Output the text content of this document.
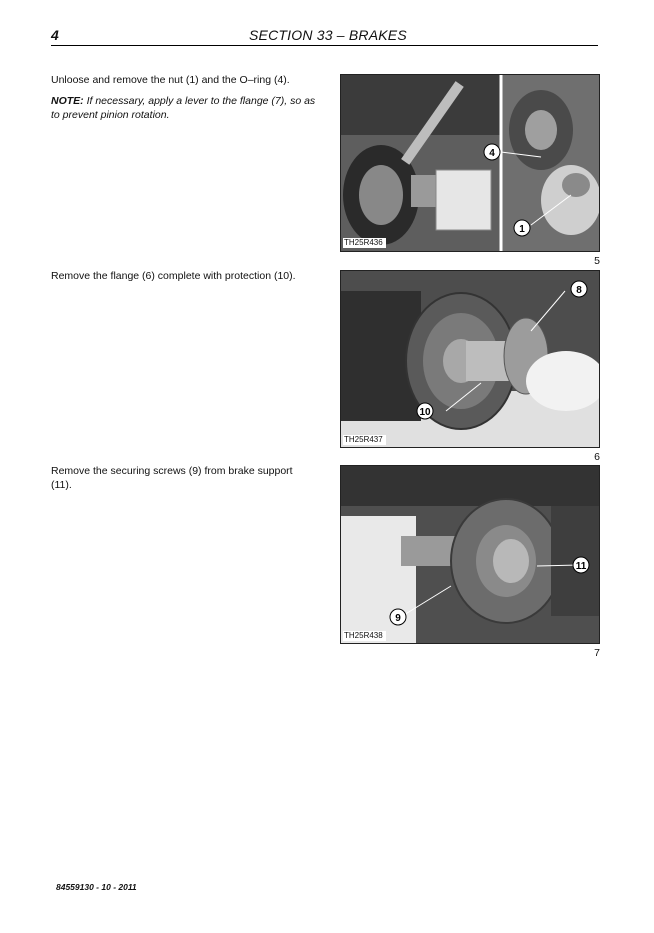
4	SECTION 33 – BRAKES
Unloose and remove the nut (1) and the O–ring (4).
NOTE: If necessary, apply a lever to the flange (7), so as to prevent pinion rotation.
4
1
TH25R436
5
Remove the flange (6) complete with protection (10).
8
10
TH25R437
6
Remove the securing screws (9) from brake support (11).
11
9
TH25R438
7
84559130 - 10 - 2011
